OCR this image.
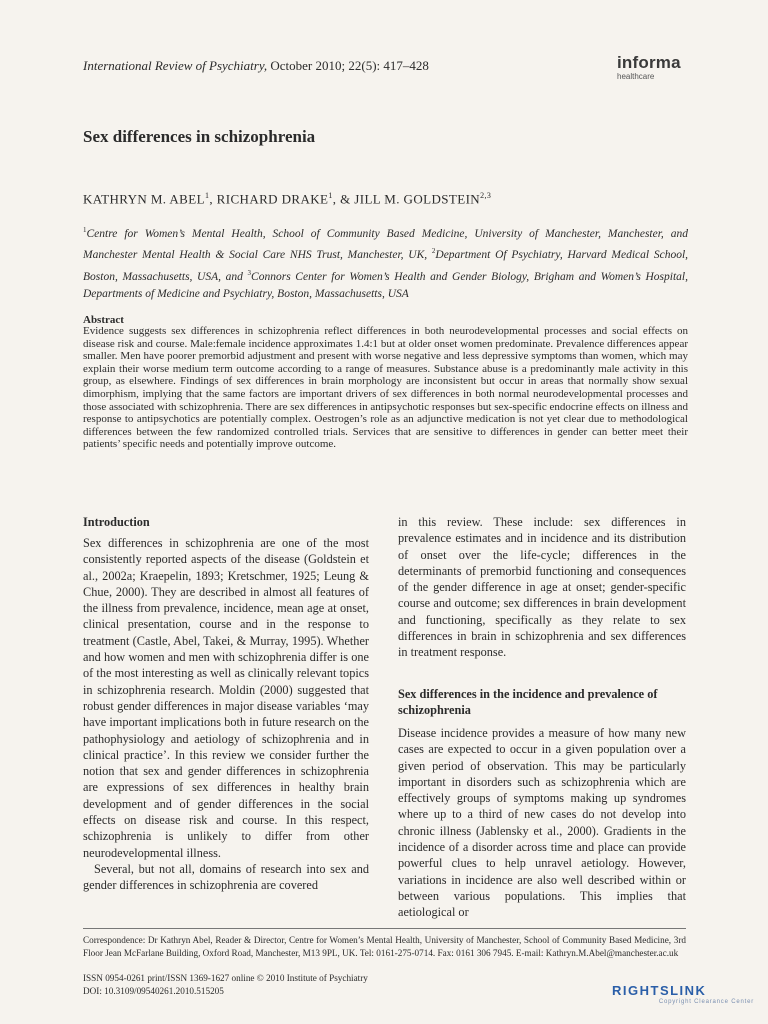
International Review of Psychiatry, October 2010; 22(5): 417–428	informa
healthcare
Sex differences in schizophrenia
KATHRYN M. ABEL$^1$, RICHARD DRAKE$^1$, & JILL M. GOLDSTEIN$^{2,3}$
$^1$Centre for Women’s Mental Health, School of Community Based Medicine, University of Manchester, Manchester, and Manchester Mental Health & Social Care NHS Trust, Manchester, UK, $^2$Department Of Psychiatry, Harvard Medical School, Boston, Massachusetts, USA, and $^3$Connors Center for Women’s Health and Gender Biology, Brigham and Women’s Hospital, Departments of Medicine and Psychiatry, Boston, Massachusetts, USA
Abstract
Evidence suggests sex differences in schizophrenia reflect differences in both neurodevelopmental processes and social effects on disease risk and course. Male:female incidence approximates 1.4:1 but at older onset women predominate. Prevalence differences appear smaller. Men have poorer premorbid adjustment and present with worse negative and less depressive symptoms than women, which may explain their worse medium term outcome according to a range of measures. Substance abuse is a predominantly male activity in this group, as elsewhere. Findings of sex differences in brain morphology are inconsistent but occur in areas that normally show sexual dimorphism, implying that the same factors are important drivers of sex differences in both normal neurodevelopmental processes and those associated with schizophrenia. There are sex differences in antipsychotic responses but sex-specific endocrine effects on illness and response to antipsychotics are potentially complex. Oestrogen’s role as an adjunctive medication is not yet clear due to methodological differences between the few randomized controlled trials. Services that are sensitive to differences in gender can better meet their patients’ specific needs and potentially improve outcome.
Introduction

Sex differences in schizophrenia are one of the most consistently reported aspects of the disease (Goldstein et al., 2002a; Kraepelin, 1893; Kretschmer, 1925; Leung & Chue, 2000). They are described in almost all features of the illness from prevalence, incidence, mean age at onset, clinical presentation, course and in the response to treatment (Castle, Abel, Takei, & Murray, 1995). Whether and how women and men with schizophrenia differ is one of the most interesting as well as clinically relevant topics in schizophrenia research. Moldin (2000) suggested that robust gender differences in major disease variables ‘may have important implications both in future research on the pathophysiology and aetiology of schizophrenia and in clinical practice’. In this review we consider further the notion that sex and gender differences in schizophrenia are expressions of sex differences in healthy brain development and of gender differences in the social effects on disease risk and course. In this respect, schizophrenia is unlikely to differ from other neurodevelopmental illness.

Several, but not all, domains of research into sex and gender differences in schizophrenia are covered

in this review. These include: sex differences in prevalence estimates and in incidence and its distribution of onset over the life-cycle; differences in the determinants of premorbid functioning and consequences of the gender difference in age at onset; gender-specific course and outcome; sex differences in brain development and functioning, specifically as they relate to sex differences in brain in schizophrenia and sex differences in treatment response.

Sex differences in the incidence and prevalence of schizophrenia

Disease incidence provides a measure of how many new cases are expected to occur in a given population over a given period of observation. This may be particularly important in disorders such as schizophrenia which are effectively groups of symptoms making up syndromes where up to a third of new cases do not develop into chronic illness (Jablensky et al., 2000). Gradients in the incidence of a disorder across time and place can provide powerful clues to help unravel aetiology. However, variations in incidence are also well described within or between various populations. This implies that aetiological or

Correspondence: Dr Kathryn Abel, Reader & Director, Centre for Women’s Mental Health, University of Manchester, School of Community Based Medicine, 3rd Floor Jean McFarlane Building, Oxford Road, Manchester, M13 9PL, UK. Tel: 0161-275-0714. Fax: 0161 306 7945. E-mail: Kathryn.M.Abel@manchester.ac.uk
ISSN 0954-0261 print/ISSN 1369-1627 online © 2010 Institute of Psychiatry
DOI: 10.3109/09540261.2010.515205	RIGHTSLINK
Copyright Clearance Center
